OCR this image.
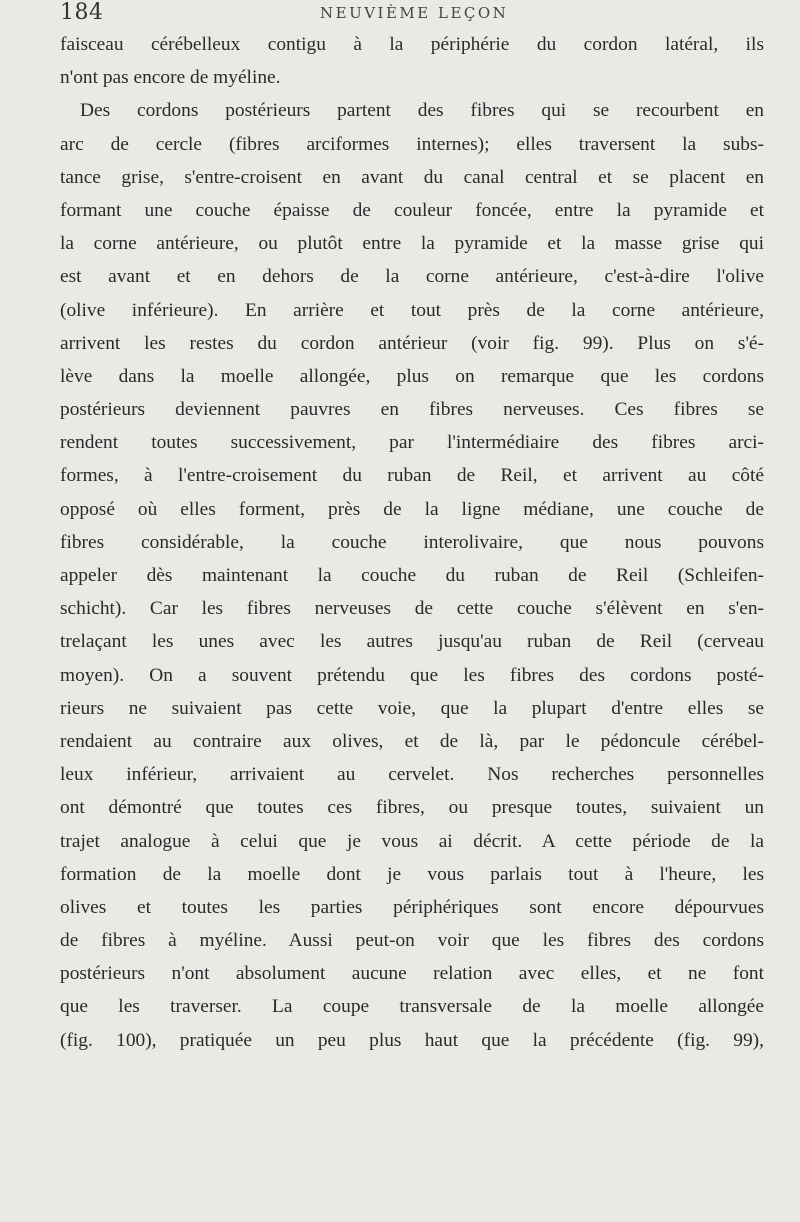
184	NEUVIÈME LEÇON
faisceau cérébelleux contigu à la périphérie du cordon latéral, ils
n'ont pas encore de myéline.
Des cordons postérieurs partent des fibres qui se recourbent en
arc de cercle (fibres arciformes internes); elles traversent la subs-
tance grise, s'entre-croisent en avant du canal central et se placent en
formant une couche épaisse de couleur foncée, entre la pyramide et
la corne antérieure, ou plutôt entre la pyramide et la masse grise qui
est avant et en dehors de la corne antérieure, c'est-à-dire l'olive
(olive inférieure). En arrière et tout près de la corne antérieure,
arrivent les restes du cordon antérieur (voir fig. 99). Plus on s'é-
lève dans la moelle allongée, plus on remarque que les cordons
postérieurs deviennent pauvres en fibres nerveuses. Ces fibres se
rendent toutes successivement, par l'intermédiaire des fibres arci-
formes, à l'entre-croisement du ruban de Reil, et arrivent au côté
opposé où elles forment, près de la ligne médiane, une couche de
fibres considérable, la couche interolivaire, que nous pouvons
appeler dès maintenant la couche du ruban de Reil (Schleifen-
schicht). Car les fibres nerveuses de cette couche s'élèvent en s'en-
trelaçant les unes avec les autres jusqu'au ruban de Reil (cerveau
moyen). On a souvent prétendu que les fibres des cordons posté-
rieurs ne suivaient pas cette voie, que la plupart d'entre elles se
rendaient au contraire aux olives, et de là, par le pédoncule cérébel-
leux inférieur, arrivaient au cervelet. Nos recherches personnelles
ont démontré que toutes ces fibres, ou presque toutes, suivaient un
trajet analogue à celui que je vous ai décrit. A cette période de la
formation de la moelle dont je vous parlais tout à l'heure, les
olives et toutes les parties périphériques sont encore dépourvues
de fibres à myéline. Aussi peut-on voir que les fibres des cordons
postérieurs n'ont absolument aucune relation avec elles, et ne font
que les traverser. La coupe transversale de la moelle allongée
(fig. 100), pratiquée un peu plus haut que la précédente (fig. 99),
